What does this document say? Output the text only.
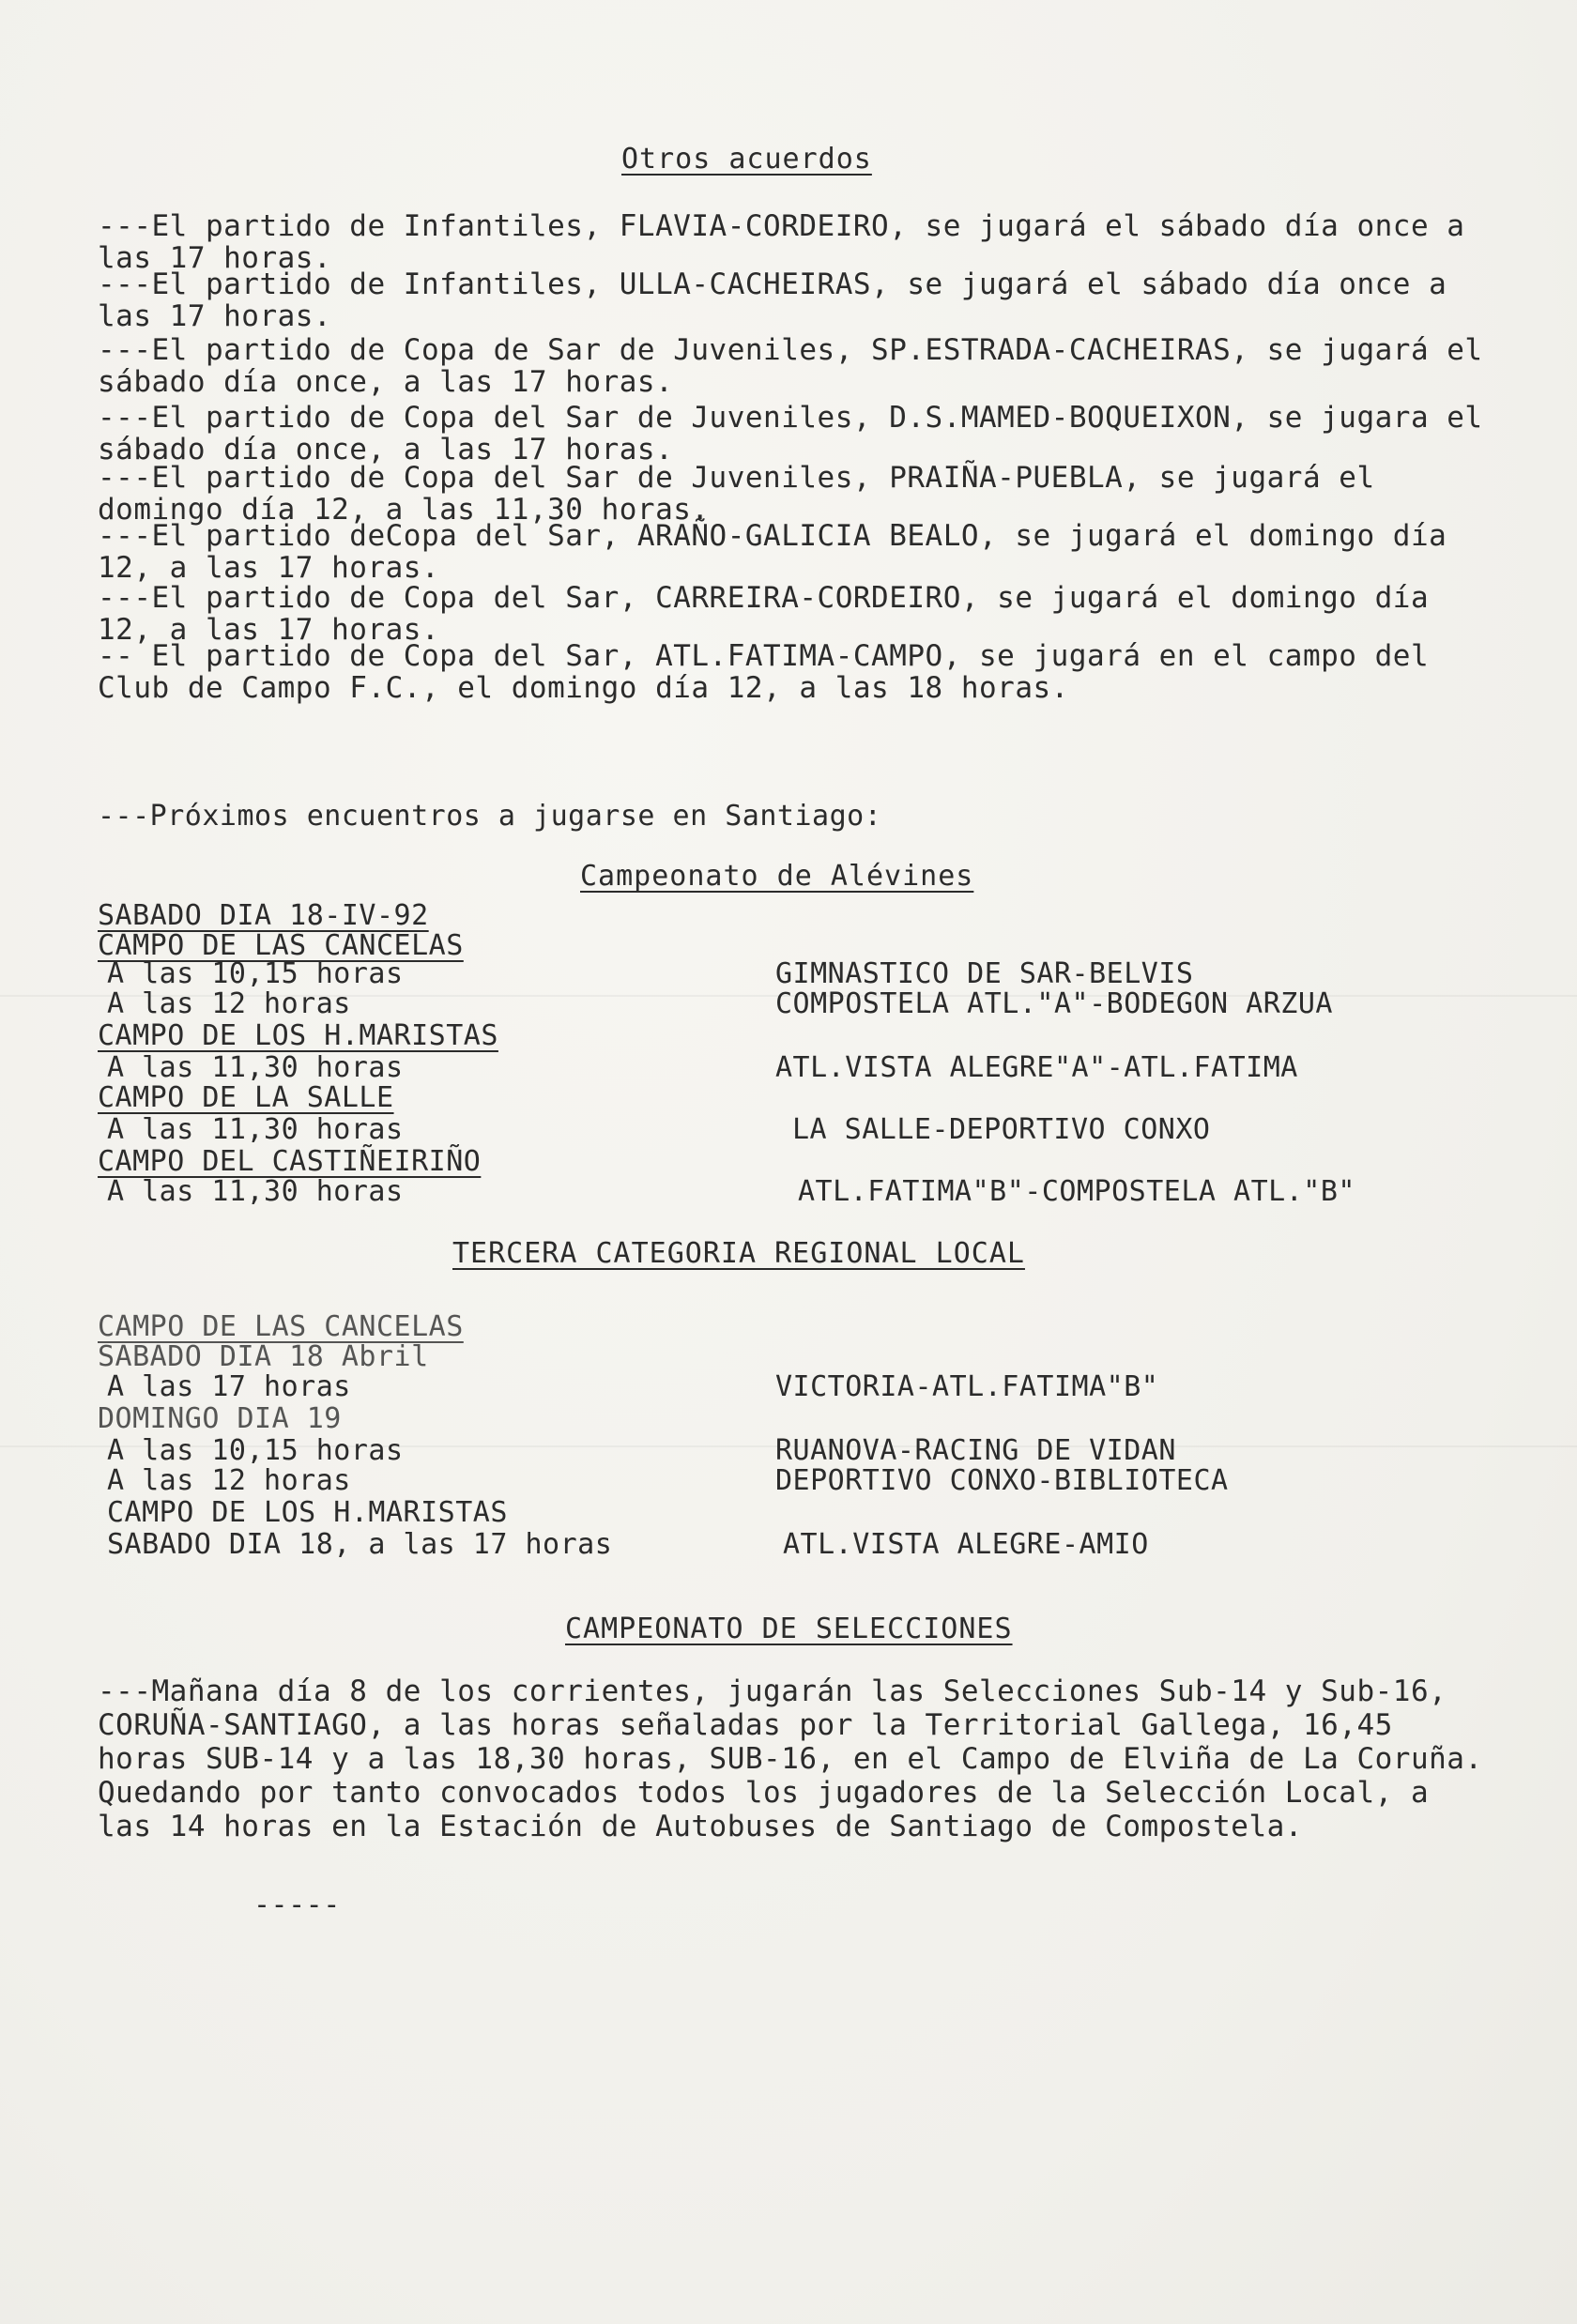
Otros acuerdos
---El partido de Infantiles, FLAVIA-CORDEIRO, se jugará el sábado día once a las 17 horas.
---El partido de Infantiles, ULLA-CACHEIRAS, se jugará el sábado día once a las 17 horas.
---El partido de Copa de Sar de Juveniles, SP.ESTRADA-CACHEIRAS, se jugará el sábado día once, a las 17 horas.
---El partido de Copa del Sar de Juveniles, D.S.MAMED-BOQUEIXON, se jugara el sábado día once, a las 17 horas.
---El partido de Copa del Sar de Juveniles, PRAIÑA-PUEBLA, se jugará el domingo día 12, a las 11,30 horas.
---El partido deCopa del Sar, ARAÑO-GALICIA BEALO, se jugará el domingo día 12, a las 17 horas.
---El partido de Copa del Sar, CARREIRA-CORDEIRO, se jugará el domingo día 12, a las 17 horas.
-- El partido de Copa del Sar, ATL.FATIMA-CAMPO, se jugará en el campo del Club de Campo F.C., el domingo día 12, a las 18 horas.
---Próximos encuentros a jugarse en Santiago:
Campeonato de Alévines
SABADO DIA 18-IV-92
CAMPO DE LAS CANCELAS
A las 10,15 horas	GIMNASTICO DE SAR-BELVIS
A las 12 horas	COMPOSTELA ATL."A"-BODEGON ARZUA
CAMPO DE LOS H.MARISTAS
A las 11,30 horas	ATL.VISTA ALEGRE"A"-ATL.FATIMA
CAMPO DE LA SALLE
A las 11,30 horas	LA SALLE-DEPORTIVO CONXO
CAMPO DEL CASTIÑEIRIÑO
A las 11,30 horas	ATL.FATIMA"B"-COMPOSTELA ATL."B"
TERCERA CATEGORIA REGIONAL LOCAL
CAMPO DE LAS CANCELAS
SABADO DIA 18 Abril
A las 17 horas	VICTORIA-ATL.FATIMA"B"
DOMINGO DIA 19
A las 10,15 horas	RUANOVA-RACING DE VIDAN
A las 12 horas	DEPORTIVO CONXO-BIBLIOTECA
CAMPO DE LOS H.MARISTAS
SABADO DIA 18, a las 17 horas	ATL.VISTA ALEGRE-AMIO
CAMPEONATO DE SELECCIONES
---Mañana día 8 de los corrientes, jugarán las Selecciones Sub-14 y Sub-16, CORUÑA-SANTIAGO, a las horas señaladas por la Territorial Gallega, 16,45 horas SUB-14 y a las 18,30 horas, SUB-16, en el Campo de Elviña de La Coruña. Quedando por tanto convocados todos los jugadores de la Selección Local, a las 14 horas en la Estación de Autobuses de Santiago de Compostela.
-----
